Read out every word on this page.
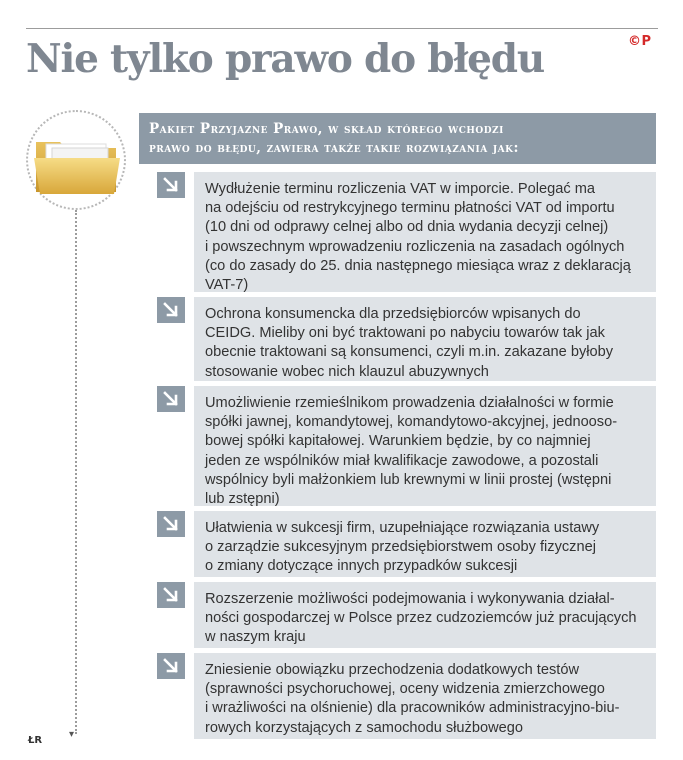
Nie tylko prawo do błędu	©P
▾
ŁR
Pakiet Przyjazne Prawo, w skład którego wchodzi
prawo do błędu, zawiera także takie rozwiązania jak:
Wydłużenie terminu rozliczenia VAT w imporcie. Polegać ma
na odejściu od restrykcyjnego terminu płatności VAT od importu
(10 dni od odprawy celnej albo od dnia wydania decyzji celnej)
i powszechnym wprowadzeniu rozliczenia na zasadach ogólnych
(co do zasady do 25. dnia następnego miesiąca wraz z deklaracją
VAT-7)
Ochrona konsumencka dla przedsiębiorców wpisanych do
CEIDG. Mieliby oni być traktowani po nabyciu towarów tak jak
obecnie traktowani są konsumenci, czyli m.in. zakazane byłoby
stosowanie wobec nich klauzul abuzywnych
Umożliwienie rzemieślnikom prowadzenia działalności w formie
spółki jawnej, komandytowej, komandytowo-akcyjnej, jednooso-
bowej spółki kapitałowej. Warunkiem będzie, by co najmniej
jeden ze wspólników miał kwalifikacje zawodowe, a pozostali
wspólnicy byli małżonkiem lub krewnymi w linii prostej (wstępni
lub zstępni)
Ułatwienia w sukcesji firm, uzupełniające rozwiązania ustawy
o zarządzie sukcesyjnym przedsiębiorstwem osoby fizycznej
o zmiany dotyczące innych przypadków sukcesji
Rozszerzenie możliwości podejmowania i wykonywania działal-
ności gospodarczej w Polsce przez cudzoziemców już pracujących
w naszym kraju
Zniesienie obowiązku przechodzenia dodatkowych testów
(sprawności psychoruchowej, oceny widzenia zmierzchowego
i wrażliwości na olśnienie) dla pracowników administracyjno-biu-
rowych korzystających z samochodu służbowego
